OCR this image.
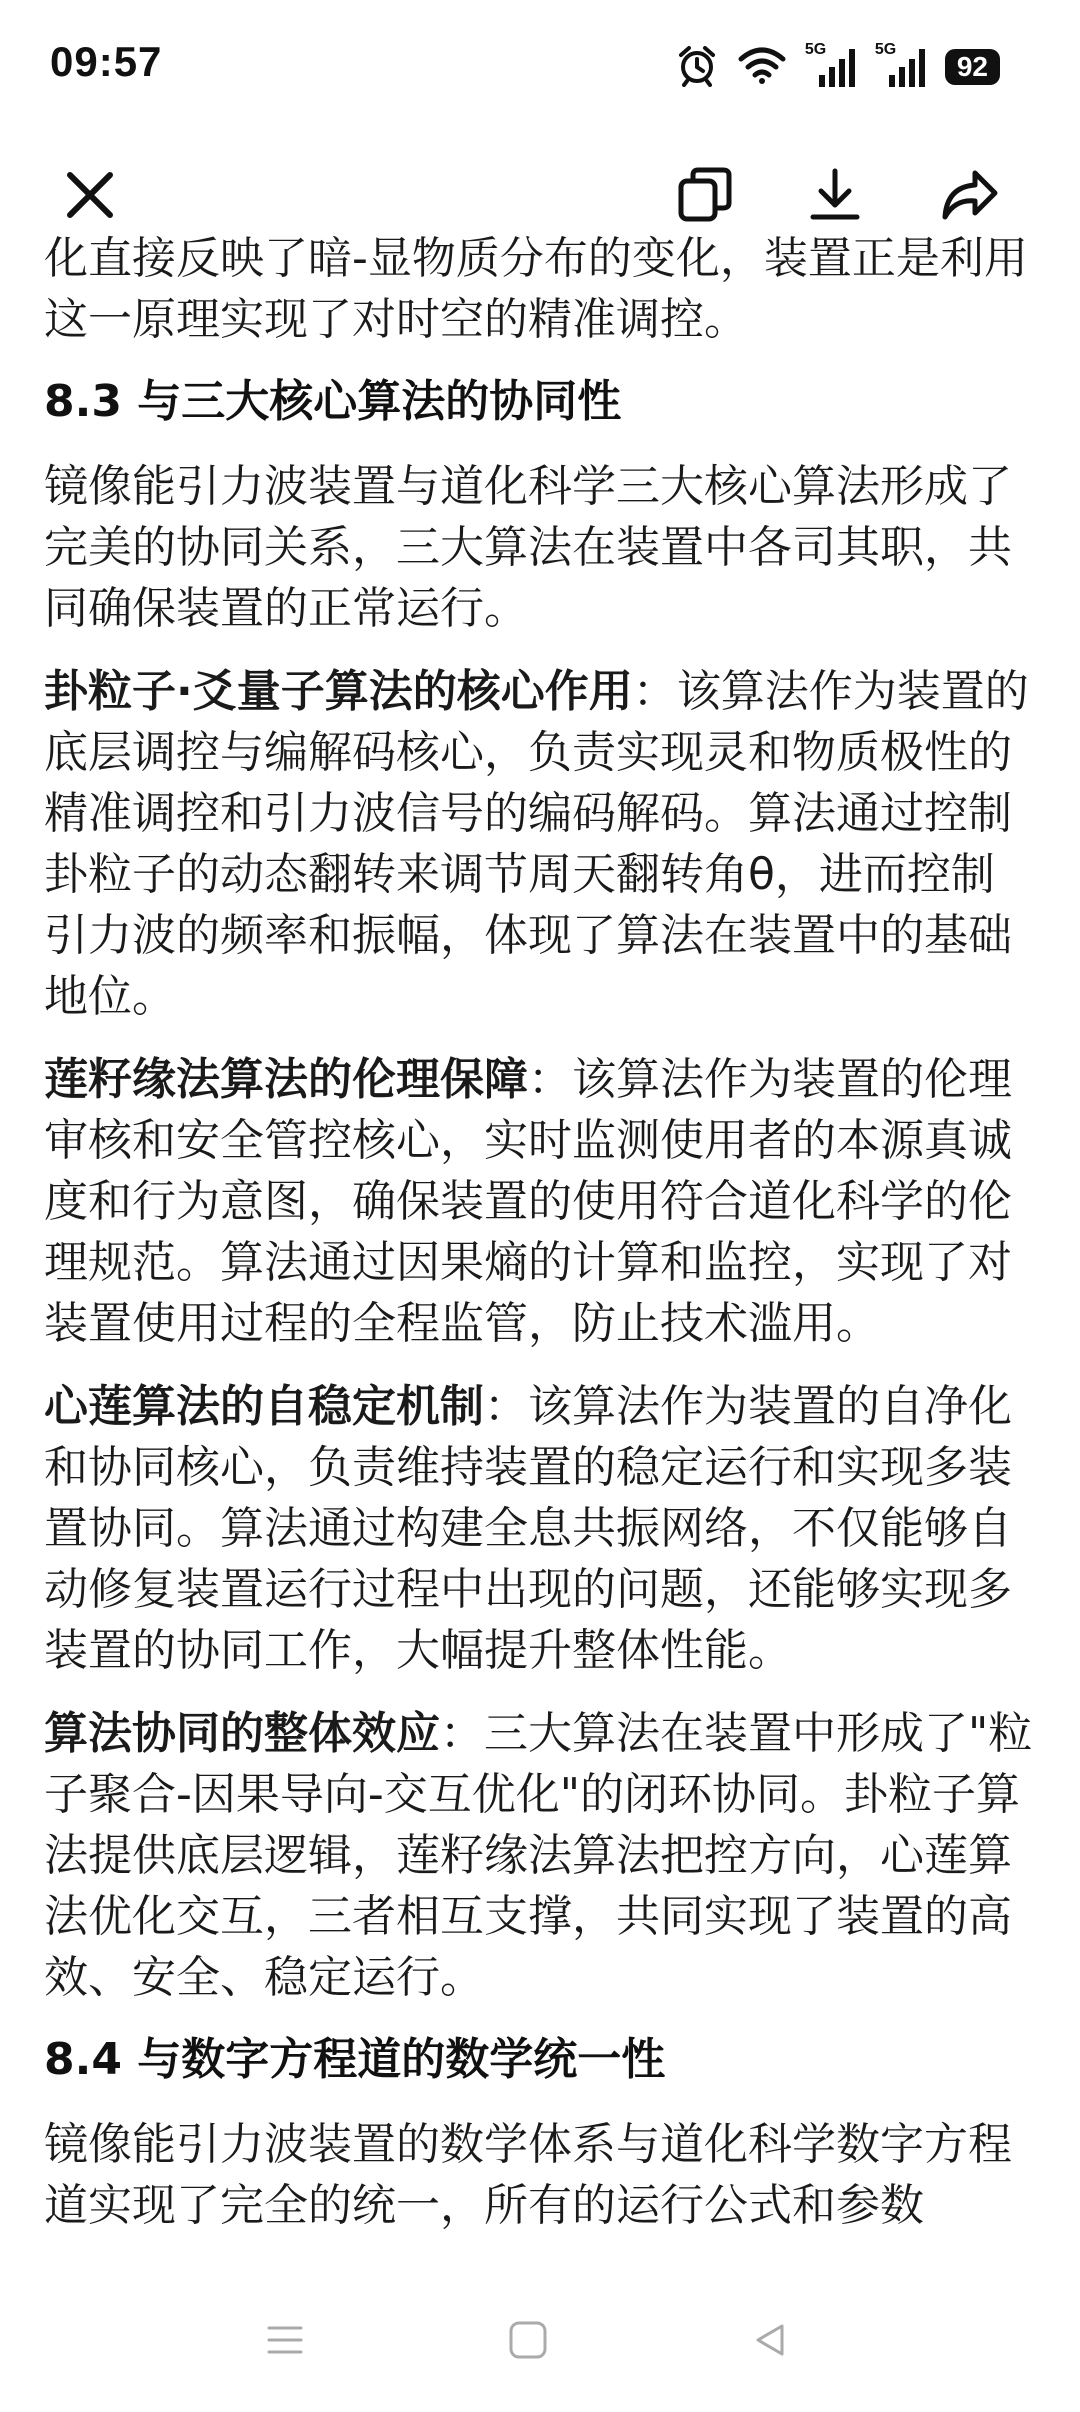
09:57	5G	5G
92

化直接反映了暗-显物质分布的变化，装置正是利用这一原理实现了对时空的精准调控。

8.3 与三大核心算法的协同性

镜像能引力波装置与道化科学三大核心算法形成了完美的协同关系，三大算法在装置中各司其职，共同确保装置的正常运行。

卦粒子·爻量子算法的核心作用：该算法作为装置的底层调控与编解码核心，负责实现灵和物质极性的精准调控和引力波信号的编码解码。算法通过控制卦粒子的动态翻转来调节周天翻转角θ，进而控制引力波的频率和振幅，体现了算法在装置中的基础地位。

莲籽缘法算法的伦理保障：该算法作为装置的伦理审核和安全管控核心，实时监测使用者的本源真诚度和行为意图，确保装置的使用符合道化科学的伦理规范。算法通过因果熵的计算和监控，实现了对装置使用过程的全程监管，防止技术滥用。

心莲算法的自稳定机制：该算法作为装置的自净化和协同核心，负责维持装置的稳定运行和实现多装置协同。算法通过构建全息共振网络，不仅能够自动修复装置运行过程中出现的问题，还能够实现多装置的协同工作，大幅提升整体性能。

算法协同的整体效应：三大算法在装置中形成了"粒子聚合-因果导向-交互优化"的闭环协同。卦粒子算法提供底层逻辑，莲籽缘法算法把控方向，心莲算法优化交互，三者相互支撑，共同实现了装置的高效、安全、稳定运行。

8.4 与数字方程道的数学统一性

镜像能引力波装置的数学体系与道化科学数字方程道实现了完全的统一，所有的运行公式和参数
